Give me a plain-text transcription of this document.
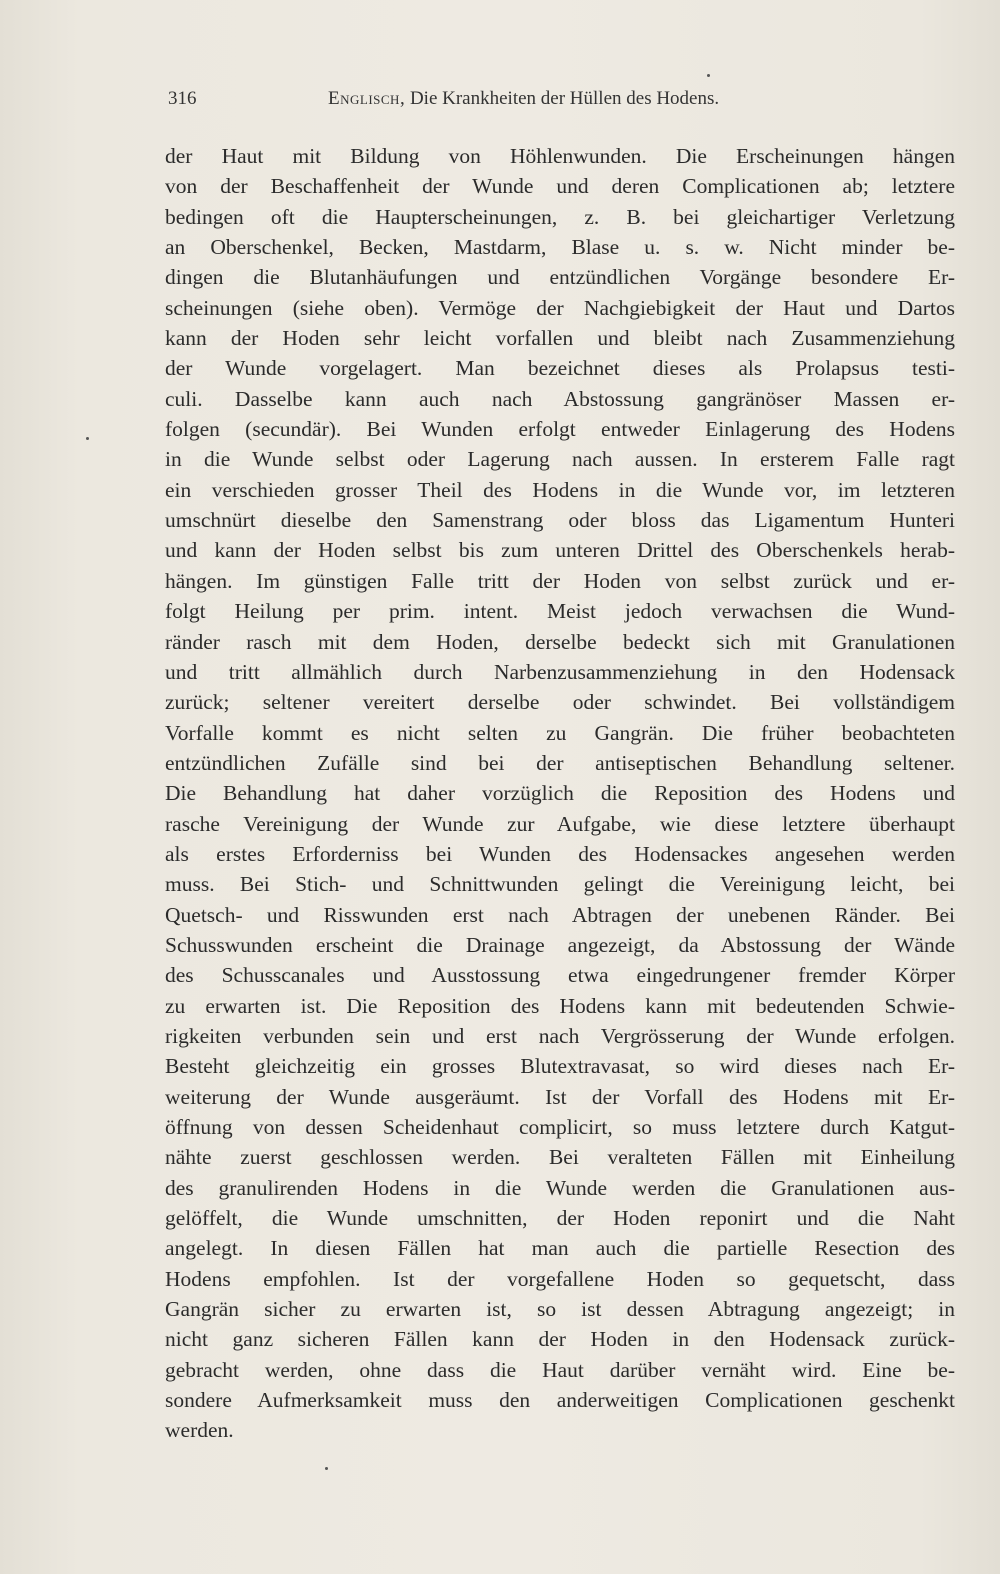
316	Englisch, Die Krankheiten der Hüllen des Hodens.
der Haut mit Bildung von Höhlenwunden. Die Erscheinungen hängen
von der Beschaffenheit der Wunde und deren Complicationen ab; letztere
bedingen oft die Haupterscheinungen, z. B. bei gleichartiger Verletzung
an Oberschenkel, Becken, Mastdarm, Blase u. s. w. Nicht minder be-
dingen die Blutanhäufungen und entzündlichen Vorgänge besondere Er-
scheinungen (siehe oben). Vermöge der Nachgiebigkeit der Haut und Dartos
kann der Hoden sehr leicht vorfallen und bleibt nach Zusammenziehung
der Wunde vorgelagert. Man bezeichnet dieses als Prolapsus testi-
culi. Dasselbe kann auch nach Abstossung gangränöser Massen er-
folgen (secundär). Bei Wunden erfolgt entweder Einlagerung des Hodens
in die Wunde selbst oder Lagerung nach aussen. In ersterem Falle ragt
ein verschieden grosser Theil des Hodens in die Wunde vor, im letzteren
umschnürt dieselbe den Samenstrang oder bloss das Ligamentum Hunteri
und kann der Hoden selbst bis zum unteren Drittel des Oberschenkels herab-
hängen. Im günstigen Falle tritt der Hoden von selbst zurück und er-
folgt Heilung per prim. intent. Meist jedoch verwachsen die Wund-
ränder rasch mit dem Hoden, derselbe bedeckt sich mit Granulationen
und tritt allmählich durch Narbenzusammenziehung in den Hodensack
zurück; seltener vereitert derselbe oder schwindet. Bei vollständigem
Vorfalle kommt es nicht selten zu Gangrän. Die früher beobachteten
entzündlichen Zufälle sind bei der antiseptischen Behandlung seltener.
Die Behandlung hat daher vorzüglich die Reposition des Hodens und
rasche Vereinigung der Wunde zur Aufgabe, wie diese letztere überhaupt
als erstes Erforderniss bei Wunden des Hodensackes angesehen werden
muss. Bei Stich- und Schnittwunden gelingt die Vereinigung leicht, bei
Quetsch- und Risswunden erst nach Abtragen der unebenen Ränder. Bei
Schusswunden erscheint die Drainage angezeigt, da Abstossung der Wände
des Schusscanales und Ausstossung etwa eingedrungener fremder Körper
zu erwarten ist. Die Reposition des Hodens kann mit bedeutenden Schwie-
rigkeiten verbunden sein und erst nach Vergrösserung der Wunde erfolgen.
Besteht gleichzeitig ein grosses Blutextravasat, so wird dieses nach Er-
weiterung der Wunde ausgeräumt. Ist der Vorfall des Hodens mit Er-
öffnung von dessen Scheidenhaut complicirt, so muss letztere durch Katgut-
nähte zuerst geschlossen werden. Bei veralteten Fällen mit Einheilung
des granulirenden Hodens in die Wunde werden die Granulationen aus-
gelöffelt, die Wunde umschnitten, der Hoden reponirt und die Naht
angelegt. In diesen Fällen hat man auch die partielle Resection des
Hodens empfohlen. Ist der vorgefallene Hoden so gequetscht, dass
Gangrän sicher zu erwarten ist, so ist dessen Abtragung angezeigt; in
nicht ganz sicheren Fällen kann der Hoden in den Hodensack zurück-
gebracht werden, ohne dass die Haut darüber vernäht wird. Eine be-
sondere Aufmerksamkeit muss den anderweitigen Complicationen geschenkt
werden.
